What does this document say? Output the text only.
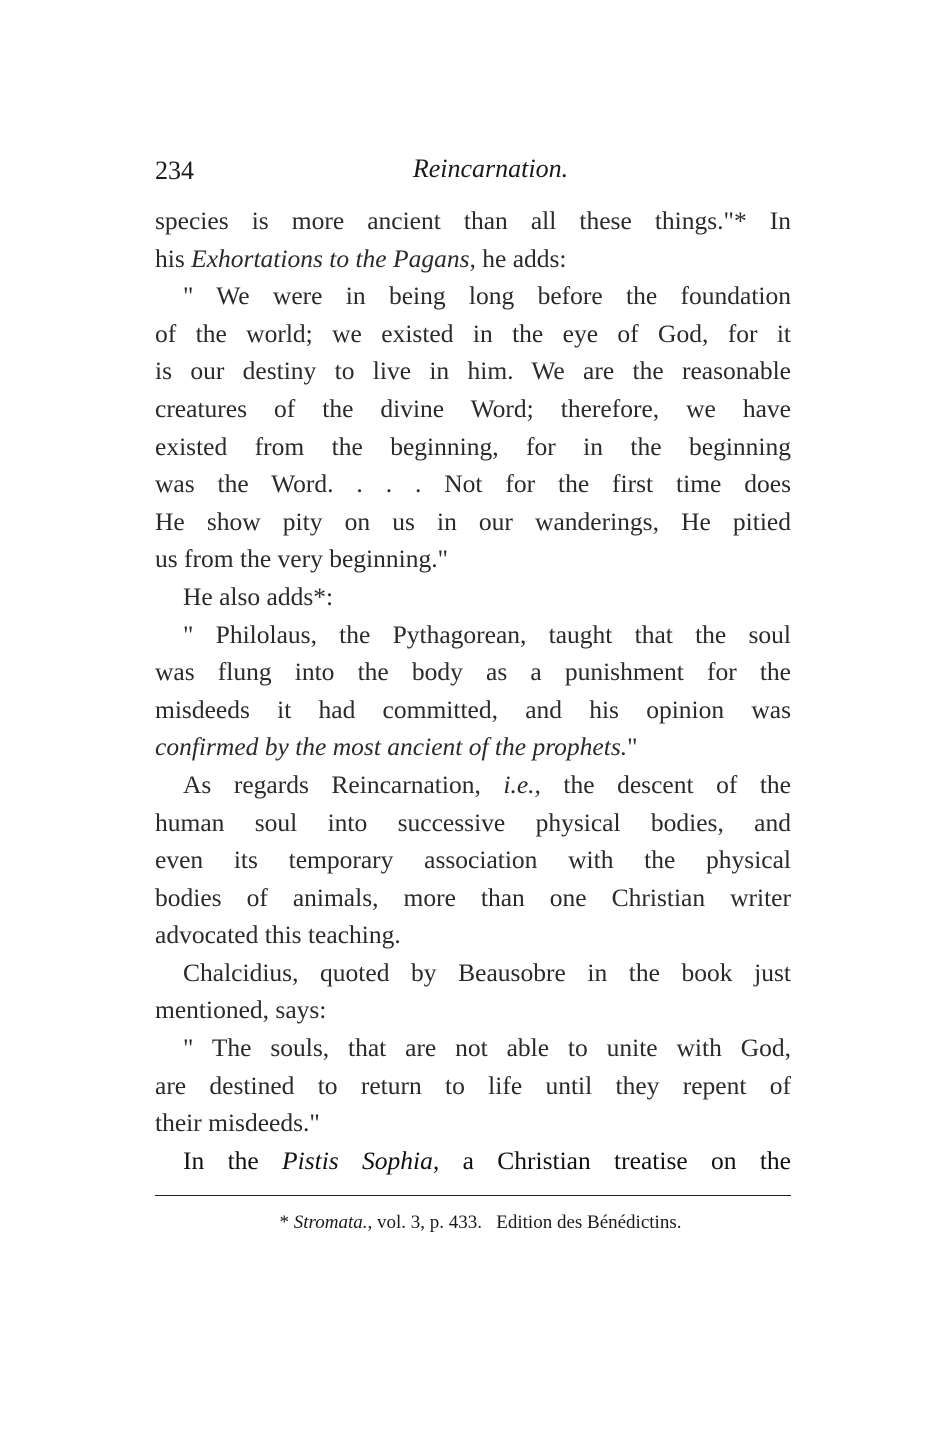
234	Reincarnation.
species is more ancient than all these things."* In
his Exhortations to the Pagans, he adds:
" We were in being long before the foundation
of the world; we existed in the eye of God, for it
is our destiny to live in him. We are the reasonable
creatures of the divine Word; therefore, we have
existed from the beginning, for in the beginning
was the Word. . . . Not for the first time does
He show pity on us in our wanderings, He pitied
us from the very beginning."
He also adds*:
" Philolaus, the Pythagorean, taught that the soul
was flung into the body as a punishment for the
misdeeds it had committed, and his opinion was
confirmed by the most ancient of the prophets."
As regards Reincarnation, i.e., the descent of the
human soul into successive physical bodies, and
even its temporary association with the physical
bodies of animals, more than one Christian writer
advocated this teaching.
Chalcidius, quoted by Beausobre in the book just
mentioned, says:
" The souls, that are not able to unite with God,
are destined to return to life until they repent of
their misdeeds."
In the Pistis Sophia, a Christian treatise on the
* Stromata., vol. 3, p. 433.   Edition des Bénédictins.
